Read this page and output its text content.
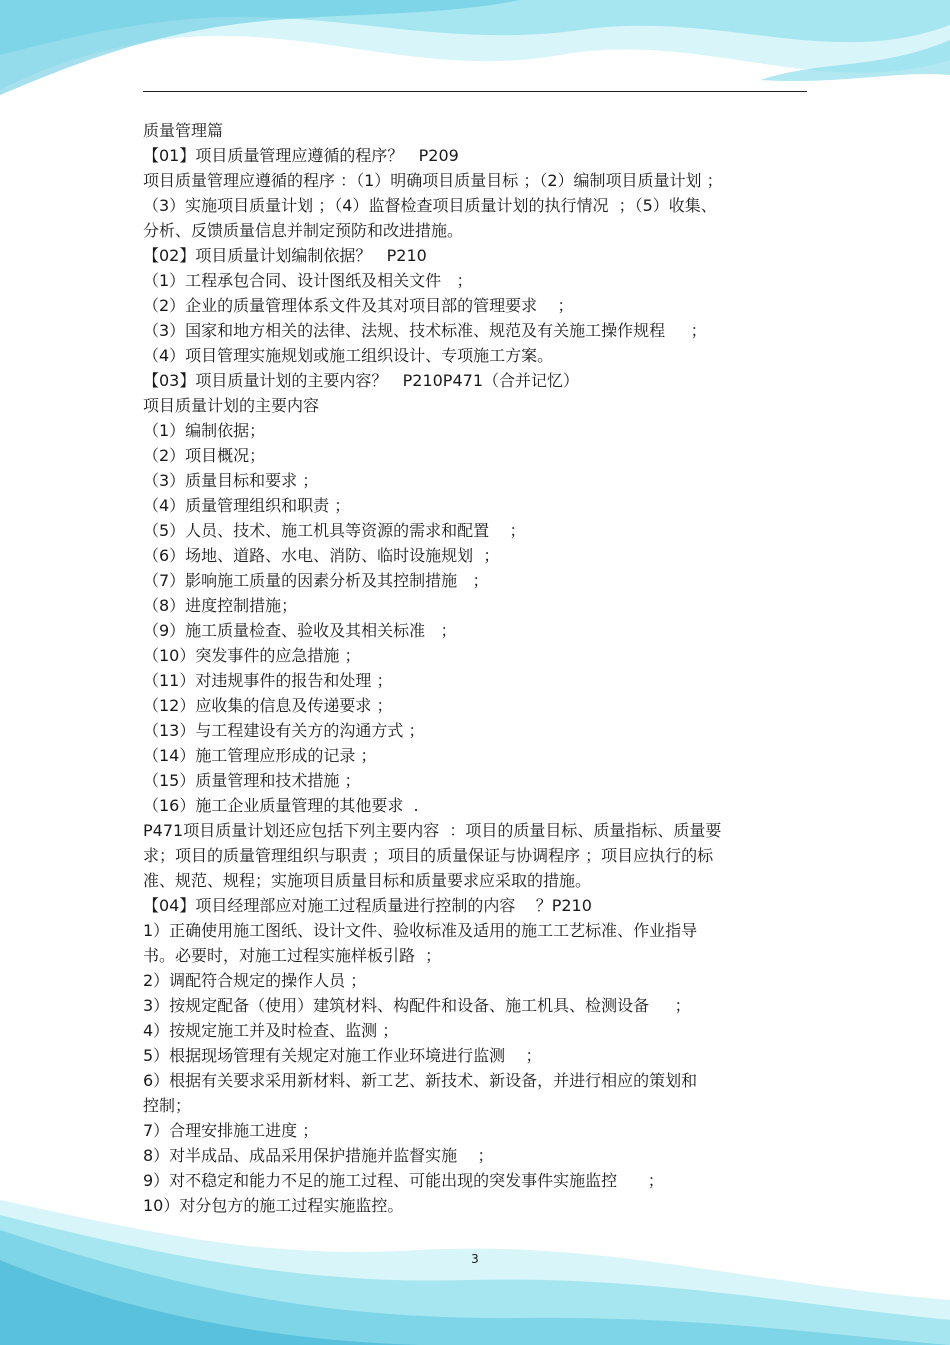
质量管理篇
【01】项目质量管理应遵循的程序？   P209
项目质量管理应遵循的程序 ：（1）明确项目质量目标 ；（2）编制项目质量计划 ；
（3）实施项目质量计划 ；（4）监督检查项目质量计划的执行情况  ；（5）收集、
分析、反馈质量信息并制定预防和改进措施。
【02】项目质量计划编制依据？   P210
（1）工程承包合同、设计图纸及相关文件   ；
（2）企业的质量管理体系文件及其对项目部的管理要求    ；
（3）国家和地方相关的法律、法规、技术标准、规范及有关施工操作规程     ；
（4）项目管理实施规划或施工组织设计、专项施工方案。
【03】项目质量计划的主要内容？   P210P471（合并记忆）
项目质量计划的主要内容
（1）编制依据；
（2）项目概况；
（3）质量目标和要求 ；
（4）质量管理组织和职责 ；
（5）人员、技术、施工机具等资源的需求和配置    ；
（6）场地、道路、水电、消防、临时设施规划  ；
（7）影响施工质量的因素分析及其控制措施   ；
（8）进度控制措施；
（9）施工质量检查、验收及其相关标准   ；
（10）突发事件的应急措施 ；
（11）对违规事件的报告和处理 ；
（12）应收集的信息及传递要求 ；
（13）与工程建设有关方的沟通方式 ；
（14）施工管理应形成的记录 ；
（15）质量管理和技术措施 ；
（16）施工企业质量管理的其他要求  .
P471项目质量计划还应包括下列主要内容  ：项目的质量目标、质量指标、质量要
求；项目的质量管理组织与职责 ；项目的质量保证与协调程序 ；项目应执行的标
准、规范、规程；实施项目质量目标和质量要求应采取的措施。
【04】项目经理部应对施工过程质量进行控制的内容    ？P210
1）正确使用施工图纸、设计文件、验收标准及适用的施工工艺标准、作业指导
书。必要时，对施工过程实施样板引路  ；
2）调配符合规定的操作人员 ；
3）按规定配备（使用）建筑材料、构配件和设备、施工机具、检测设备     ；
4）按规定施工并及时检查、监测 ；
5）根据现场管理有关规定对施工作业环境进行监测    ；
6）根据有关要求采用新材料、新工艺、新技术、新设备，并进行相应的策划和
控制；
7）合理安排施工进度 ；
8）对半成品、成品采用保护措施并监督实施    ；
9）对不稳定和能力不足的施工过程、可能出现的突发事件实施监控      ；
10）对分包方的施工过程实施监控。
3
